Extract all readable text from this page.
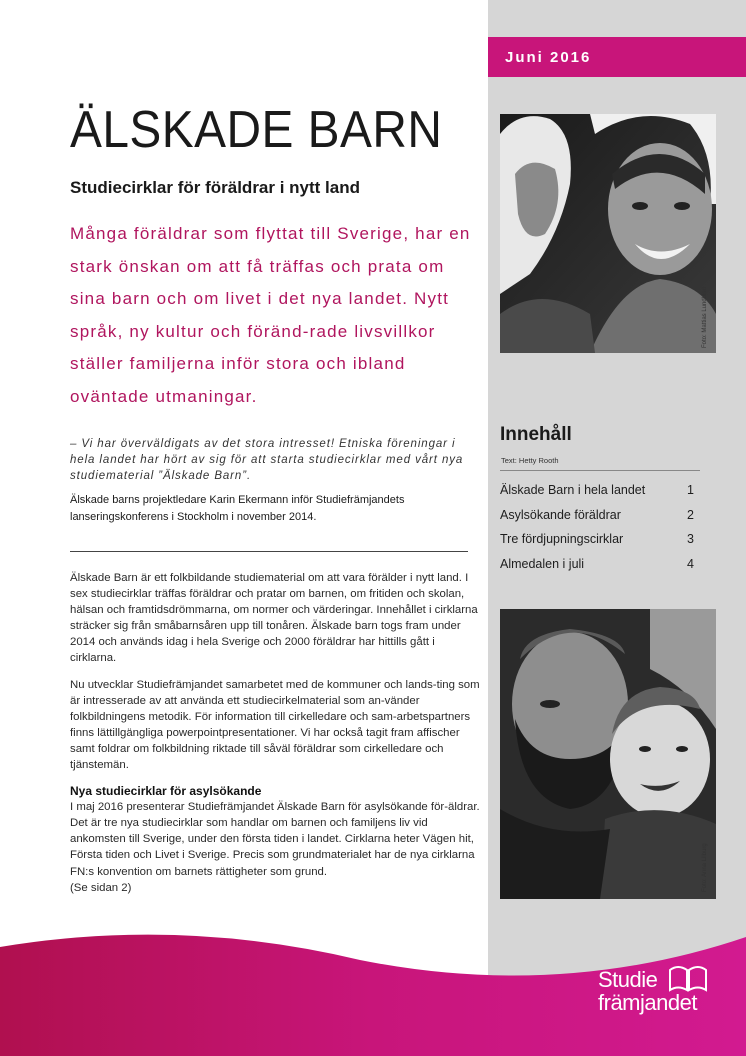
Juni 2016
ÄLSKADE BARN
Studiecirklar för föräldrar i nytt land

Många föräldrar som flyttat till Sverige, har en stark önskan om att få träffas och prata om sina barn och om livet i det nya landet. Nytt språk, ny kultur och föränd-rade livsvillkor ställer familjerna inför stora och ibland oväntade utmaningar.

– Vi har överväldigats av det stora intresset! Etniska föreningar i hela landet har hört av sig för att starta studiecirklar med vårt nya studiematerial ”Älskade Barn”.

Älskade barns projektledare Karin Ekermann inför Studiefrämjandets lanseringskonferens i Stockholm i november 2014.

Älskade Barn är ett folkbildande studiematerial om att vara förälder i nytt land. I sex studiecirklar träffas föräldrar och pratar om barnen, om fritiden och skolan, hälsan och framtidsdrömmarna, om normer och värderingar. Innehållet i cirklarna sträcker sig från småbarnsåren upp till tonåren. Älskade barn togs fram under 2014 och används idag i hela Sverige och 2000 föräldrar har hittills gått i cirklarna.

Nu utvecklar Studiefrämjandet samarbetet med de kommuner och lands-ting som är intresserade av att använda ett studiecirkelmaterial som an-vänder folkbildningens metodik. För information till cirkelledare och sam-arbetspartners finns lättillgängliga powerpointpresentationer. Vi har också tagit fram affischer samt foldrar om folkbildning riktade till såväl föräldrar som cirkelledare och tjänstemän.

Nya studiecirklar för asylsökande
I maj 2016 presenterar Studiefrämjandet Älskade Barn för asylsökande för-äldrar. Det är tre nya studiecirklar som handlar om barnen och familjens liv vid ankomsten till Sverige, under den första tiden i landet. Cirklarna heter Vägen hit, Första tiden och Livet i Sverige. Precis som grundmaterialet har de nya cirklarna FN:s konvention om barnets rättigheter som grund.
(Se sidan 2)
Foto: Mattias Lundblad
Innehåll
Text: Hetty Rooth
Älskade Barn i hela landet	1
Asylsökande föräldrar	2
Tre fördjupningscirklar	3
Almedalen i juli	4
Foto: Anna Lilburg
Studie
främjandet
